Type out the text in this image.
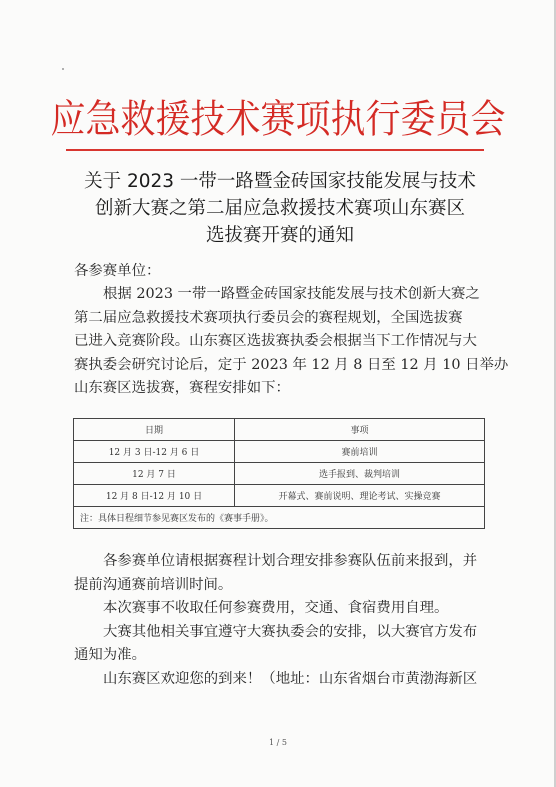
应急救援技术赛项执行委员会
关于 2023 一带一路暨金砖国家技能发展与技术
创新大赛之第二届应急救援技术赛项山东赛区
选拔赛开赛的通知

各参赛单位：

根据 2023 一带一路暨金砖国家技能发展与技术创新大赛之

第二届应急救援技术赛项执行委员会的赛程规划，全国选拔赛

已进入竞赛阶段。山东赛区选拔赛执委会根据当下工作情况与大

赛执委会研究讨论后，定于 2023 年 12 月 8 日至 12 月 10 日举办

山东赛区选拔赛，赛程安排如下：

日期	事项
12 月 3 日-12 月 6 日	赛前培训
12 月 7 日	选手报到、裁判培训
12 月 8 日-12 月 10 日	开幕式、赛前说明、理论考试、实操竞赛
注：具体日程细节参见赛区发布的《赛事手册》。	

各参赛单位请根据赛程计划合理安排参赛队伍前来报到，并

提前沟通赛前培训时间。

本次赛事不收取任何参赛费用，交通、食宿费用自理。

大赛其他相关事宜遵守大赛执委会的安排，以大赛官方发布

通知为准。

山东赛区欢迎您的到来！（地址：山东省烟台市黄渤海新区

1 / 5
